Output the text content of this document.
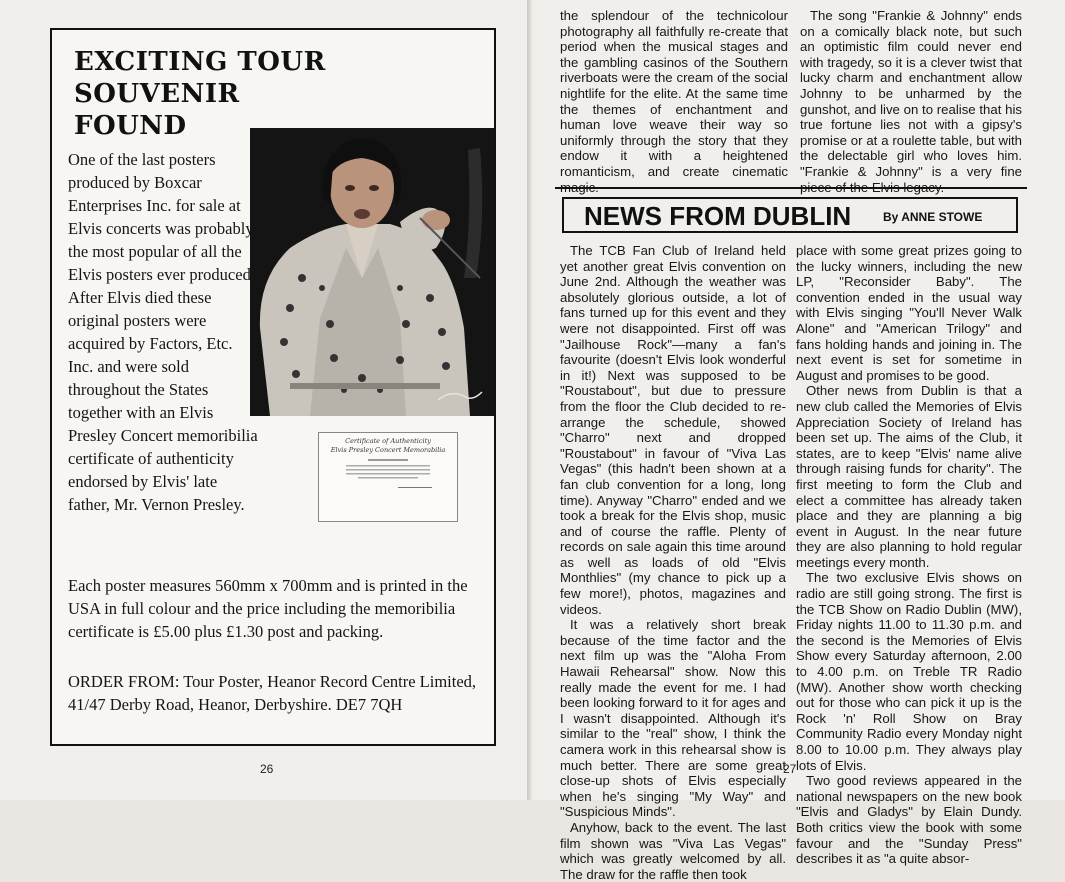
EXCITING TOUR
SOUVENIR
FOUND
Certificate of Authenticity
Elvis Presley Concert Memorabilia

One of the last posters produced by Boxcar Enterprises Inc. for sale at Elvis concerts was probably the most popular of all the Elvis posters ever produced. After Elvis died these original posters were acquired by Factors, Etc. Inc. and were sold throughout the States together with an Elvis Presley Concert memoribilia certificate of authenticity endorsed by Elvis' late father, Mr. Vernon Presley.

Each poster measures 560mm x 700mm and is printed in the USA in full colour and the price including the memoribilia certificate is £5.00 plus £1.30 post and packing.

ORDER FROM: Tour Poster, Heanor Record Centre Limited, 41/47 Derby Road, Heanor, Derbyshire. DE7 7QH

26

the splendour of the technicolour photography all faithfully re-create that period when the musical stages and the gambling casinos of the Southern riverboats were the cream of the social nightlife for the elite. At the same time the themes of enchantment and human love weave their way so uniformly through the story that they endow it with a heightened romanticism, and create cinematic

The song "Frankie & Johnny" ends on a comically black note, but such an optimistic film could never end with tragedy, so it is a clever twist that lucky charm and enchantment allow Johnny to be unharmed by the gunshot, and live on to realise that his true fortune lies not with a gipsy's promise or at a roulette table, but with the delectable girl who loves him. "Frankie & Johnny" is a very fine

NEWS FROM DUBLIN	By ANNE STOWE

The TCB Fan Club of Ireland held yet another great Elvis convention on June 2nd. Although the weather was absolutely glorious outside, a lot of fans turned up for this event and they were not disappointed. First off was "Jailhouse Rock"—many a fan's favourite (doesn't Elvis look wonderful in it!) Next was supposed to be "Roustabout", but due to pressure from the floor the Club decided to re-arrange the schedule, showed "Charro" next and dropped "Roustabout" in favour of "Viva Las Vegas" (this hadn't been shown at a fan club convention for a long, long time). Anyway "Charro" ended and we took a break for the Elvis shop, music and of course the raffle. Plenty of records on sale again this time around as well as loads of old "Elvis Monthlies" (my chance to pick up a few more!), photos, magazines and videos.

It was a relatively short break because of the time factor and the next film up was the "Aloha From Hawaii Rehearsal" show. Now this really made the event for me. I had been looking forward to it for ages and I wasn't disappointed. Although it's similar to the "real" show, I think the camera work in this rehearsal show is much better. There are some great close-up shots of Elvis especially when he's singing "My Way" and "Suspicious Minds".

Anyhow, back to the event. The last film shown was "Viva Las Vegas" which was greatly welcomed by all. The draw for the raffle then took

place with some great prizes going to the lucky winners, including the new LP, "Reconsider Baby". The convention ended in the usual way with Elvis singing "You'll Never Walk Alone" and "American Trilogy" and fans holding hands and joining in. The next event is set for sometime in August and promises to be good.

Other news from Dublin is that a new club called the Memories of Elvis Appreciation Society of Ireland has been set up. The aims of the Club, it states, are to keep "Elvis' name alive through raising funds for charity". The first meeting to form the Club and elect a committee has already taken place and they are planning a big event in August. In the near future they are also planning to hold regular meetings every month.

The two exclusive Elvis shows on radio are still going strong. The first is the TCB Show on Radio Dublin (MW), Friday nights 11.00 to 11.30 p.m. and the second is the Memories of Elvis Show every Saturday afternoon, 2.00 to 4.00 p.m. on Treble TR Radio (MW). Another show worth checking out for those who can pick it up is the Rock 'n' Roll Show on Bray Community Radio every Monday night 8.00 to 10.00 p.m. They always play lots of Elvis.

Two good reviews appeared in the national newspapers on the new book "Elvis and Gladys" by Elain Dundy. Both critics view the book with some favour and the "Sunday Press" describes it as "a quite absor-

27
